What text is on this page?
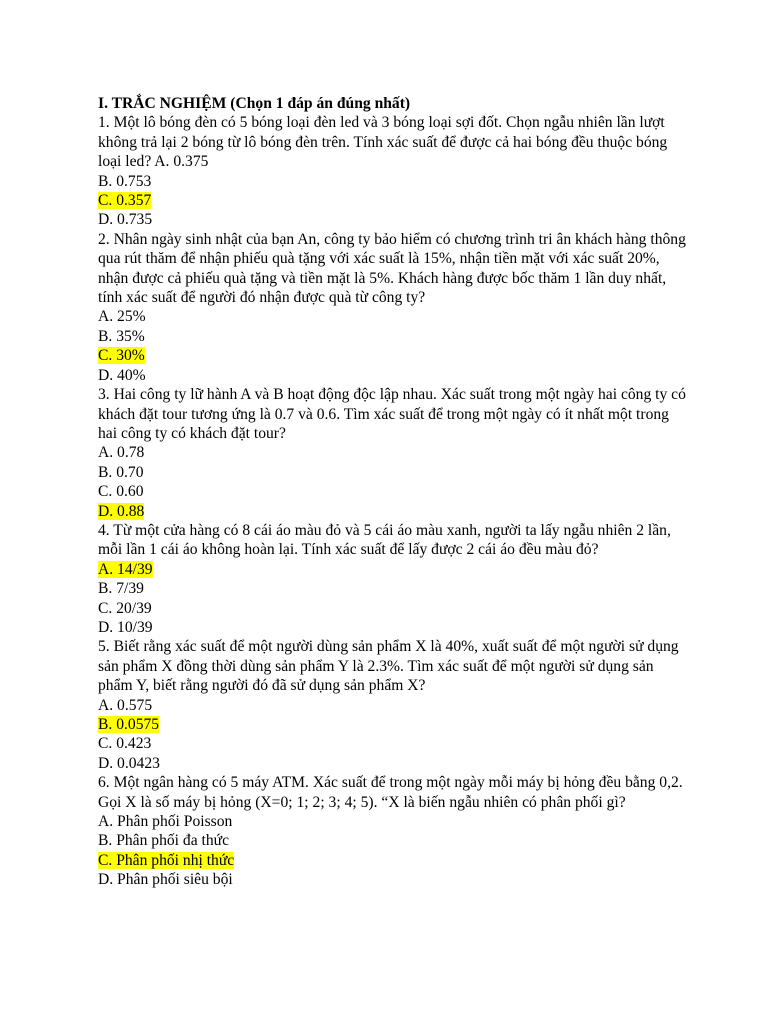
I. TRẮC NGHIỆM (Chọn 1 đáp án đúng nhất)

1. Một lô bóng đèn có 5 bóng loại đèn led và 3 bóng loại sợi đốt. Chọn ngẫu nhiên lần lượt không trả lại 2 bóng từ lô bóng đèn trên. Tính xác suất để được cả hai bóng đều thuộc bóng loại led? A. 0.375

B. 0.753

C. 0.357

D. 0.735

2. Nhân ngày sinh nhật của bạn An, công ty bảo hiểm có chương trình tri ân khách hàng thông qua rút thăm để nhận phiếu quà tặng với xác suất là 15%, nhận tiền mặt với xác suất 20%, nhận được cả phiếu quà tặng và tiền mặt là 5%. Khách hàng được bốc thăm 1 lần duy nhất, tính xác suất để người đó nhận được quà từ công ty?

A. 25%

B. 35%

C. 30%

D. 40%

3. Hai công ty lữ hành A và B hoạt động độc lập nhau. Xác suất trong một ngày hai công ty có khách đặt tour tương ứng là 0.7 và 0.6. Tìm xác suất để trong một ngày có ít nhất một trong hai công ty có khách đặt tour?

A. 0.78

B. 0.70

C. 0.60

D. 0.88

4. Từ một cửa hàng có 8 cái áo màu đỏ và 5 cái áo màu xanh, người ta lấy ngẫu nhiên 2 lần, mỗi lần 1 cái áo không hoàn lại. Tính xác suất để lấy được 2 cái áo đều màu đỏ?

A. 14/39

B. 7/39

C. 20/39

D. 10/39

5. Biết rằng xác suất để một người dùng sản phẩm X là 40%, xuất suất để một người sử dụng sản phẩm X đồng thời dùng sản phẩm Y là 2.3%. Tìm xác suất để một người sử dụng sản phẩm Y, biết rằng người đó đã sử dụng sản phẩm X?

A. 0.575

B. 0.0575

C. 0.423

D. 0.0423

6. Một ngân hàng có 5 máy ATM. Xác suất để trong một ngày mỗi máy bị hỏng đều bằng 0,2. Gọi X là số máy bị hỏng (X=0; 1; 2; 3; 4; 5). “X là biến ngẫu nhiên có phân phối gì?

A. Phân phối Poisson

B. Phân phối đa thức

C. Phân phối nhị thức

D. Phân phối siêu bội
